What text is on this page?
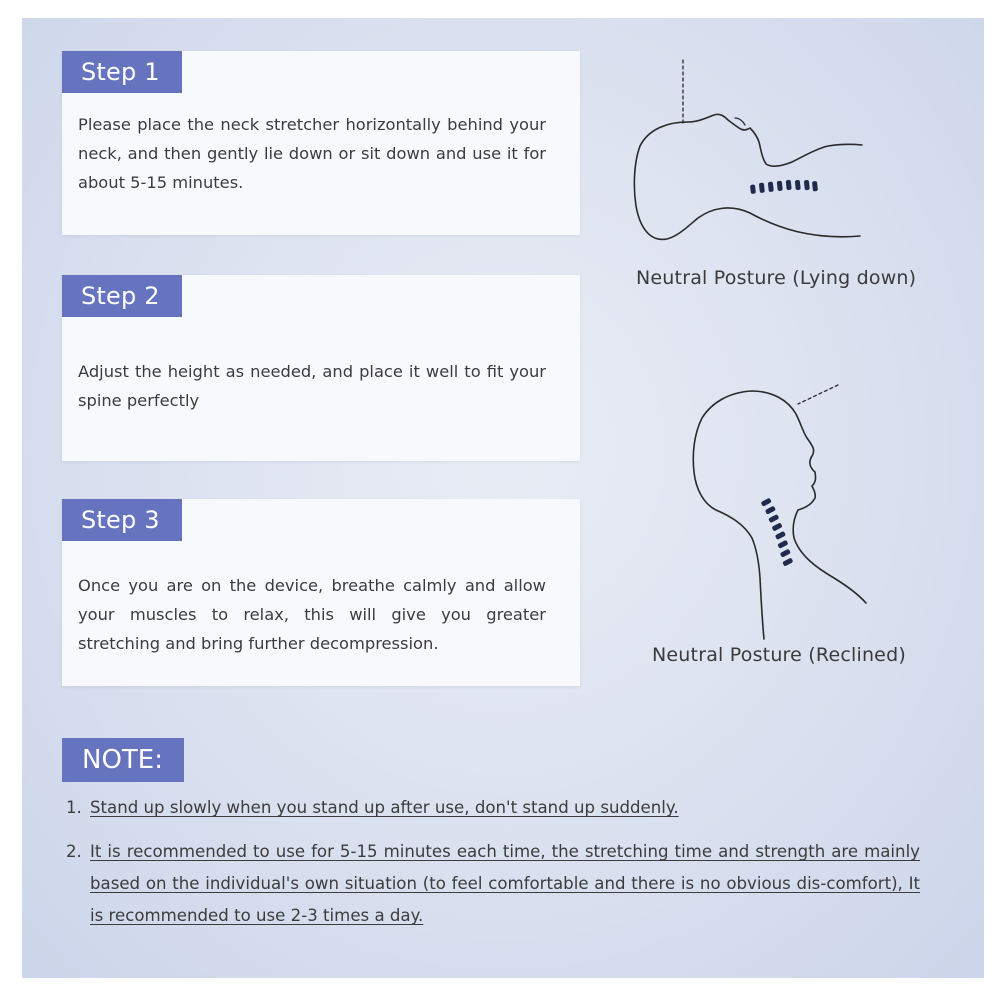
Step 1
Please place the neck stretcher horizontally behind your neck, and then gently lie down or sit down and use it for about 5-15 minutes.
Step 2
Adjust the height as needed, and place it well to fit your spine perfectly
Step 3
Once you are on the device, breathe calmly and allow your muscles to relax, this will give you greater stretching and bring further decompression.
Neutral Posture (Lying down)
Neutral Posture (Reclined)
NOTE:
1. Stand up slowly when you stand up after use, don't stand up suddenly.
2. It is recommended to use for 5-15 minutes each time, the stretching time and strength are mainly based on the individual's own situation (to feel comfortable and there is no obvious dis-comfort), It is recommended to use 2-3 times a day.
